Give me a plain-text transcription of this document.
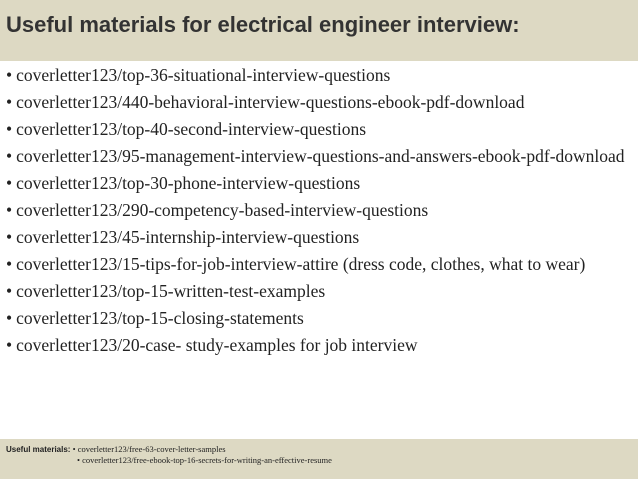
Useful materials for electrical engineer interview:
• coverletter123/top-36-situational-interview-questions
• coverletter123/440-behavioral-interview-questions-ebook-pdf-download
• coverletter123/top-40-second-interview-questions
• coverletter123/95-management-interview-questions-and-answers-ebook-pdf-download
• coverletter123/top-30-phone-interview-questions
• coverletter123/290-competency-based-interview-questions
• coverletter123/45-internship-interview-questions
• coverletter123/15-tips-for-job-interview-attire (dress code, clothes, what to wear)
• coverletter123/top-15-written-test-examples
• coverletter123/top-15-closing-statements
• coverletter123/20-case- study-examples for job interview
Useful materials: • coverletter123/free-63-cover-letter-samples
• coverletter123/free-ebook-top-16-secrets-for-writing-an-effective-resume
